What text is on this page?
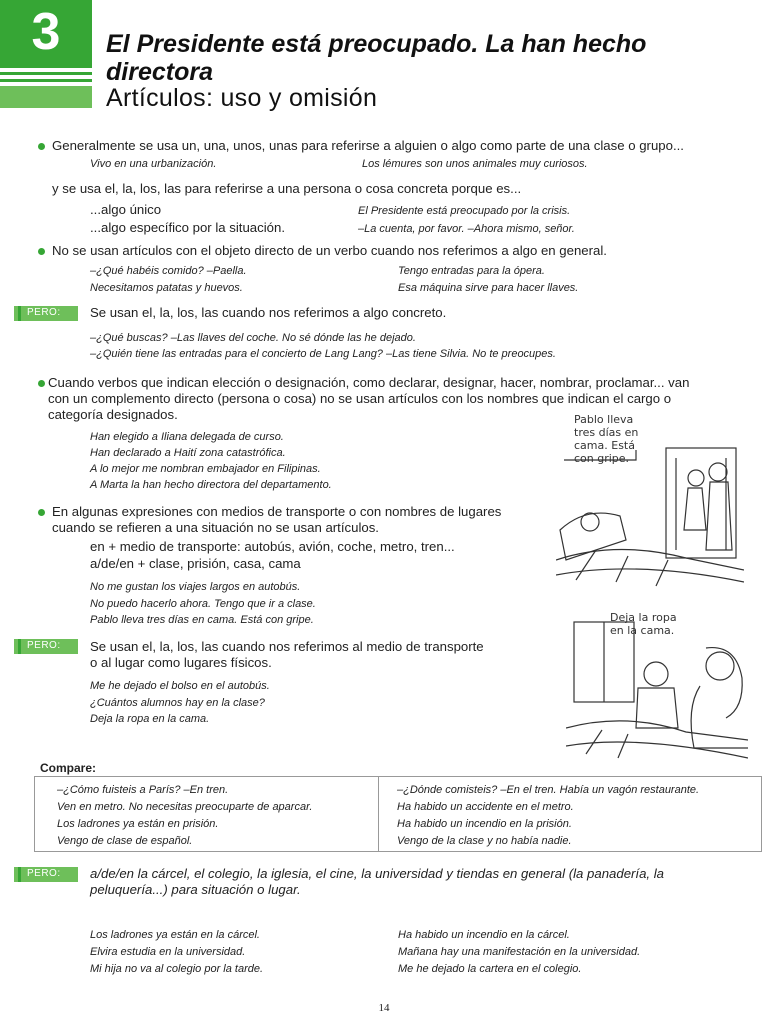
3	El Presidente está preocupado. La han hecho directora
Artículos: uso y omisión
Generalmente se usa un, una, unos, unas para referirse a alguien o algo como parte de una clase o grupo...
Vivo en una urbanización.	Los lémures son unos animales muy curiosos.
y se usa el, la, los, las para referirse a una persona o cosa concreta porque es...
...algo único
...algo específico por la situación.
El Presidente está preocupado por la crisis.
–La cuenta, por favor. –Ahora mismo, señor.
No se usan artículos con el objeto directo de un verbo cuando nos referimos a algo en general.
–¿Qué habéis comido? –Paella.
Necesitamos patatas y huevos.
Tengo entradas para la ópera.
Esa máquina sirve para hacer llaves.
PERO: Se usan el, la, los, las cuando nos referimos a algo concreto.
–¿Qué buscas? –Las llaves del coche. No sé dónde las he dejado.
–¿Quién tiene las entradas para el concierto de Lang Lang? –Las tiene Silvia. No te preocupes.
Cuando verbos que indican elección o designación, como declarar, designar, hacer, nombrar, proclamar... van
con un complemento directo (persona o cosa) no se usan artículos con los nombres que indican el cargo o
categoría designados.
Han elegido a Iliana delegada de curso.
Han declarado a Haití zona catastrófica.
A lo mejor me nombran embajador en Filipinas.
A Marta la han hecho directora del departamento.
Pablo lleva
tres días en
cama. Está
con gripe.
En algunas expresiones con medios de transporte o con nombres de lugares
cuando se refieren a una situación no se usan artículos.
en + medio de transporte: autobús, avión, coche, metro, tren...
a/de/en + clase, prisión, casa, cama
No me gustan los viajes largos en autobús.
No puedo hacerlo ahora. Tengo que ir a clase.
Pablo lleva tres días en cama. Está con gripe.
PERO: Se usan el, la, los, las cuando nos referimos al medio de transporte
o al lugar como lugares físicos.
Me he dejado el bolso en el autobús.
¿Cuántos alumnos hay en la clase?
Deja la ropa en la cama.
Deja la ropa
en la cama.
Compare:
–¿Cómo fuisteis a París? –En tren.
Ven en metro. No necesitas preocuparte de aparcar.
Los ladrones ya están en prisión.
Vengo de clase de español.
–¿Dónde comisteis? –En el tren. Había un vagón restaurante.
Ha habido un accidente en el metro.
Ha habido un incendio en la prisión.
Vengo de la clase y no había nadie.
PERO: a/de/en la cárcel, el colegio, la iglesia, el cine, la universidad y tiendas en general (la panadería, la
peluquería...) para situación o lugar.
Los ladrones ya están en la cárcel.
Elvira estudia en la universidad.
Mi hija no va al colegio por la tarde.
Ha habido un incendio en la cárcel.
Mañana hay una manifestación en la universidad.
Me he dejado la cartera en el colegio.
14
